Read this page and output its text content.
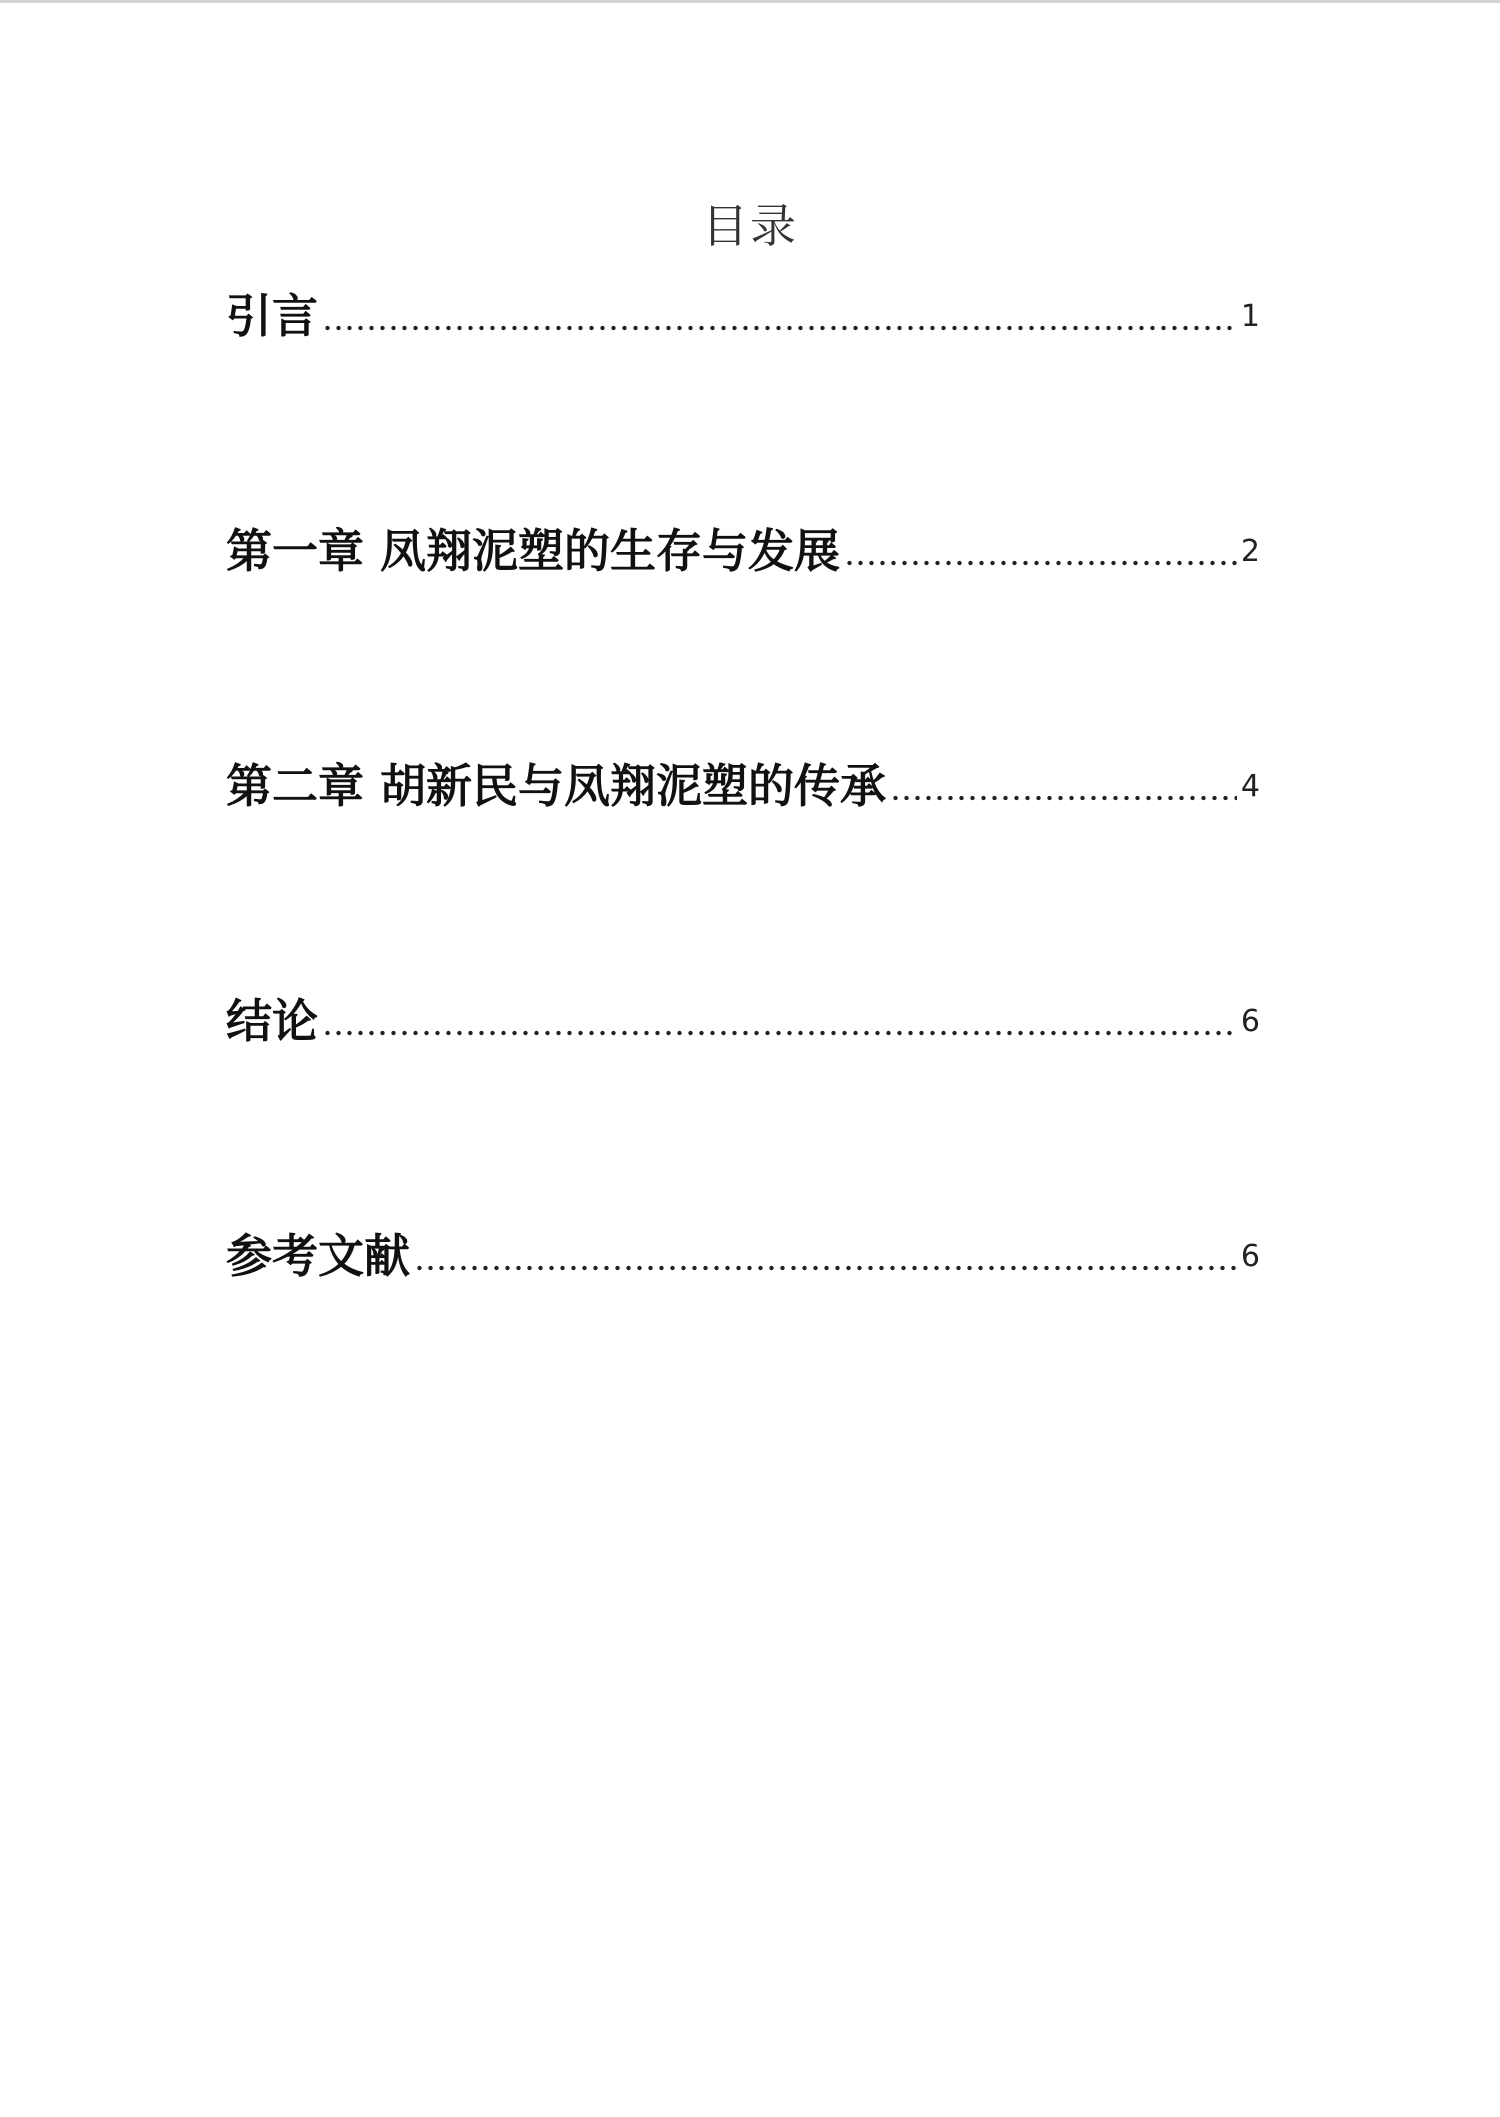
目录
引言	1
第一章 凤翔泥塑的生存与发展	2
第二章 胡新民与凤翔泥塑的传承	4
结论	6
参考文献	6
